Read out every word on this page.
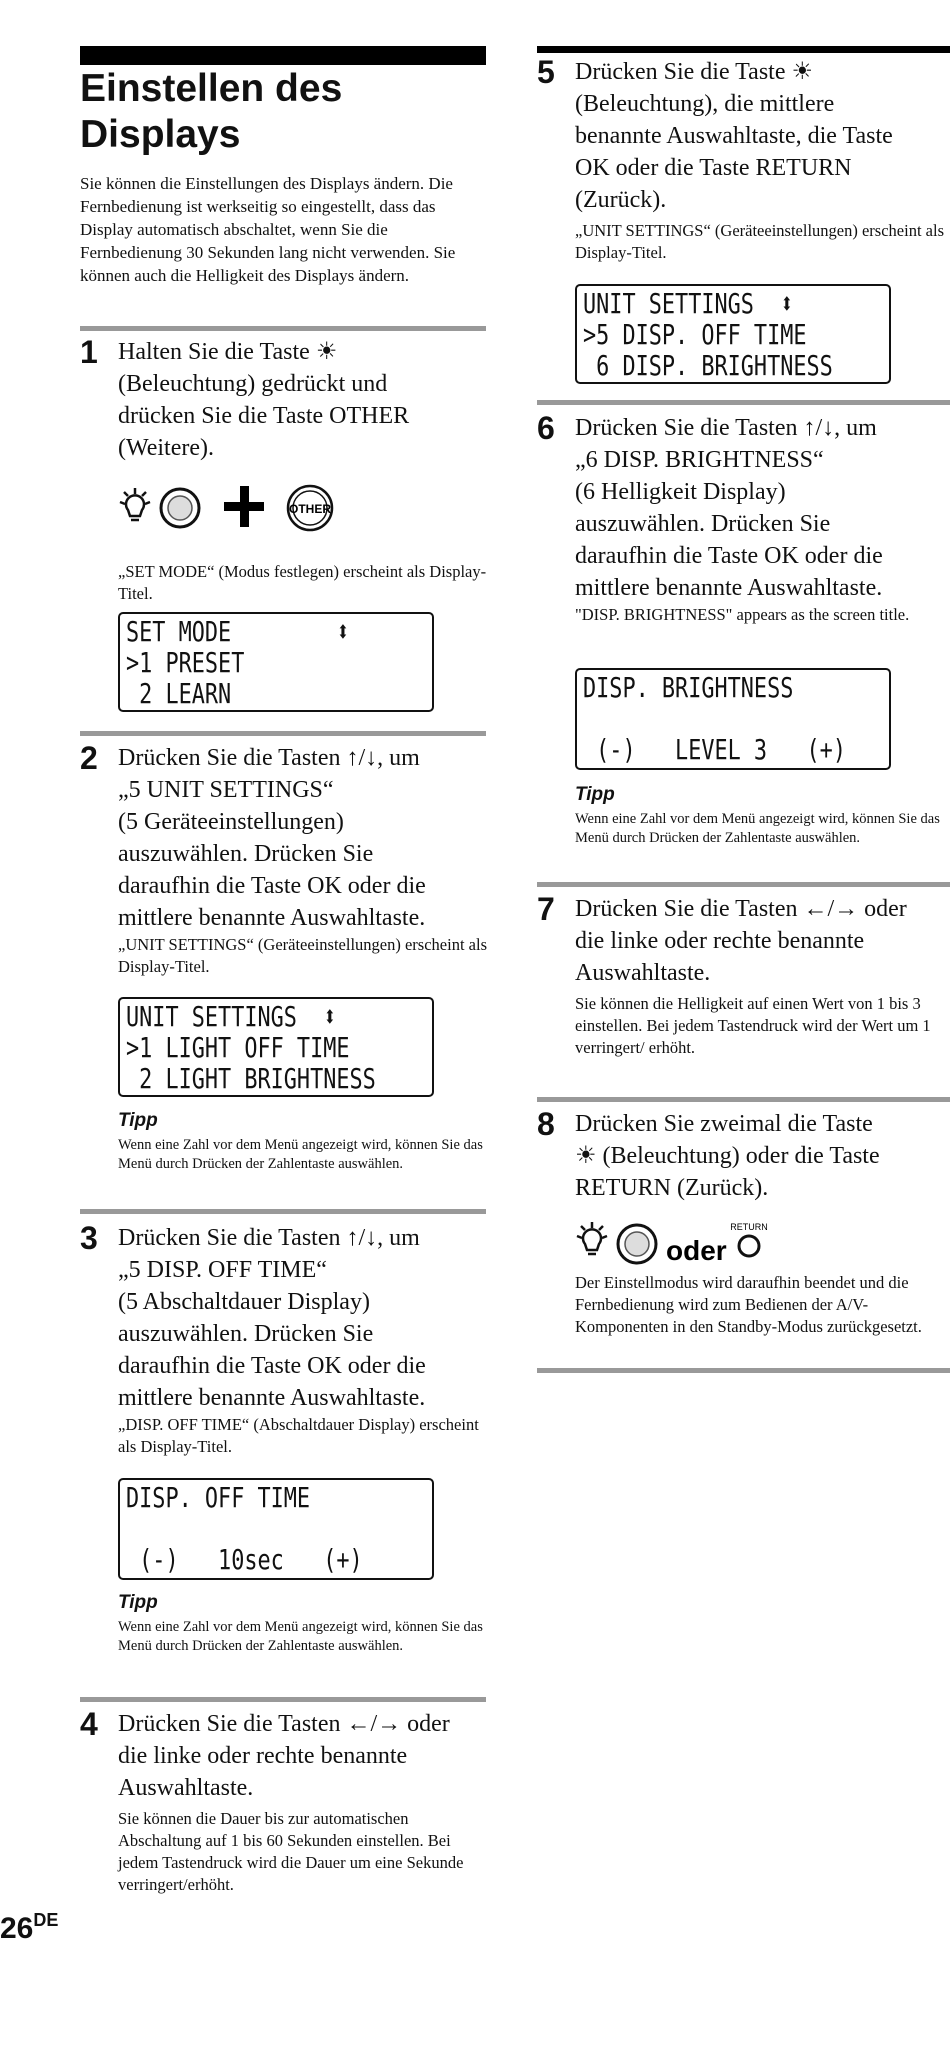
Einstellen des
Displays

Sie können die Einstellungen des Displays ändern. Die Fernbedienung ist werkseitig so eingestellt, dass das Display automatisch abschaltet, wenn Sie die Fernbedienung 30 Sekunden lang nicht verwenden. Sie können auch die Helligkeit des Displays ändern.

1 Halten Sie die Taste ☀
(Beleuchtung) gedrückt und
drücken Sie die Taste OTHER
(Weitere).
OTHER
„SET MODE“ (Modus festlegen) erscheint als Display-Titel.
SET MODE        ⬍
>1 PRESET
2 LEARN
2 Drücken Sie die Tasten ↑/↓, um
„5 UNIT SETTINGS“
(5 Geräteeinstellungen)
auszuwählen. Drücken Sie
daraufhin die Taste OK oder die
mittlere benannte Auswahltaste.
„UNIT SETTINGS“ (Geräteeinstellungen) erscheint als Display-Titel.
UNIT SETTINGS  ⬍
>1 LIGHT OFF TIME
2 LIGHT BRIGHTNESS
Tipp
Wenn eine Zahl vor dem Menü angezeigt wird, können Sie das Menü durch Drücken der Zahlentaste auswählen.
3 Drücken Sie die Tasten ↑/↓, um
„5 DISP. OFF TIME“
(5 Abschaltdauer Display)
auszuwählen. Drücken Sie
daraufhin die Taste OK oder die
mittlere benannte Auswahltaste.
„DISP. OFF TIME“ (Abschaltdauer Display) erscheint als Display-Titel.
DISP. OFF TIME
(-)   10sec   (+)
Tipp
Wenn eine Zahl vor dem Menü angezeigt wird, können Sie das Menü durch Drücken der Zahlentaste auswählen.
4 Drücken Sie die Tasten ←/→ oder
die linke oder rechte benannte
Auswahltaste.
Sie können die Dauer bis zur automatischen Abschaltung auf 1 bis 60 Sekunden einstellen. Bei jedem Tastendruck wird die Dauer um eine Sekunde verringert/erhöht.
5 Drücken Sie die Taste ☀
(Beleuchtung), die mittlere
benannte Auswahltaste, die Taste
OK oder die Taste RETURN
(Zurück).
„UNIT SETTINGS“ (Geräteeinstellungen) erscheint als Display-Titel.
UNIT SETTINGS  ⬍
>5 DISP. OFF TIME
6 DISP. BRIGHTNESS
6 Drücken Sie die Tasten ↑/↓, um
„6 DISP. BRIGHTNESS“
(6 Helligkeit Display)
auszuwählen. Drücken Sie
daraufhin die Taste OK oder die
mittlere benannte Auswahltaste.
"DISP. BRIGHTNESS" appears as the screen title.
DISP. BRIGHTNESS
(-)   LEVEL 3   (+)
Tipp
Wenn eine Zahl vor dem Menü angezeigt wird, können Sie das Menü durch Drücken der Zahlentaste auswählen.
7 Drücken Sie die Tasten ←/→ oder
die linke oder rechte benannte
Auswahltaste.
Sie können die Helligkeit auf einen Wert von 1 bis 3 einstellen. Bei jedem Tastendruck wird der Wert um 1 verringert/ erhöht.
8 Drücken Sie zweimal die Taste
☀ (Beleuchtung) oder die Taste
RETURN (Zurück).
oder
RETURN
Der Einstellmodus wird daraufhin beendet und die Fernbedienung wird zum Bedienen der A/V-Komponenten in den Standby-Modus zurückgesetzt.
26DE
